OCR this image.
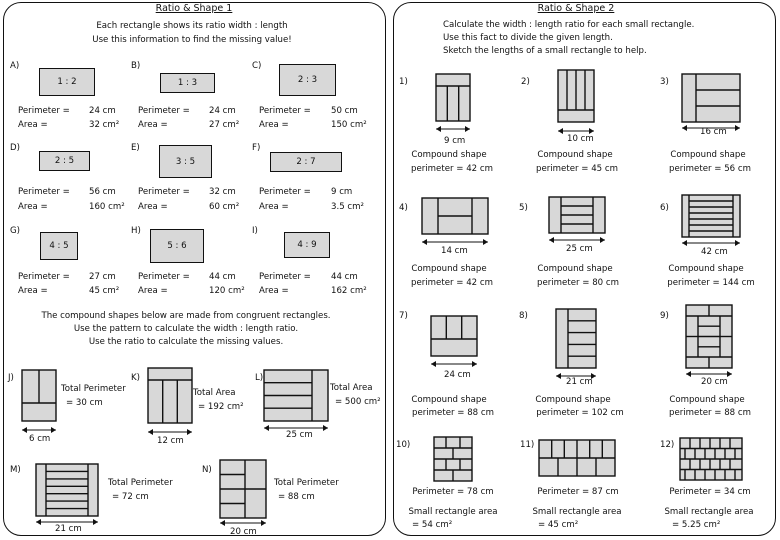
Ratio & Shape 1
Each rectangle shows its ratio width : length
Use this information to find the missing value!
A)
1 : 2
B)
1 : 3
C)
2 : 3
Perimeter = 24 cm
Area =	32 cm²
Perimeter = 24 cm
Area =	27 cm²
Perimeter = 50 cm
Area =	150 cm²
D)
2 : 5
E)
3 : 5
F)
2 : 7
Perimeter = 56 cm
Area =	160 cm²
Perimeter = 32 cm
Area =	60 cm²
Perimeter = 9 cm
Area =	3.5 cm²
G)
4 : 5
H)
5 : 6
I)
4 : 9
Perimeter = 27 cm
Area =	45 cm²
Perimeter = 44 cm
Area =	120 cm²
Perimeter = 44 cm
Area =	162 cm²
The compound shapes below are made from congruent rectangles.
Use the pattern to calculate the width : length ratio.
Use the ratio to calculate the missing values.
J)
Total Perimeter
= 30 cm
6 cm
K)
Total Area
= 192 cm²
12 cm
L)
Total Area
= 500 cm²
25 cm
M)
Total Perimeter
= 72 cm
21 cm
N)
Total Perimeter
= 88 cm
20 cm
Ratio & Shape 2
Calculate the width : length ratio for each small rectangle.
Use this fact to divide the given length.
Sketch the lengths of a small rectangle to help.
1)
9 cm
Compound shape
perimeter = 42 cm
2)
10 cm
Compound shape
perimeter = 45 cm
3)
16 cm
Compound shape
perimeter = 56 cm
4)
14 cm
Compound shape
perimeter = 42 cm
5)
25 cm
Compound shape
perimeter = 80 cm
6)
42 cm
Compound shape
perimeter = 144 cm
7)
24 cm
Compound shape
perimeter = 88 cm
8)
21 cm
Compound shape
perimeter = 102 cm
9)
20 cm
Compound shape
perimeter = 88 cm
10)
Perimeter = 78 cm
Small rectangle area
= 54 cm²
11)
Perimeter = 87 cm
Small rectangle area
= 45 cm²
12)
Perimeter = 34 cm
Small rectangle area
= 5.25 cm²
